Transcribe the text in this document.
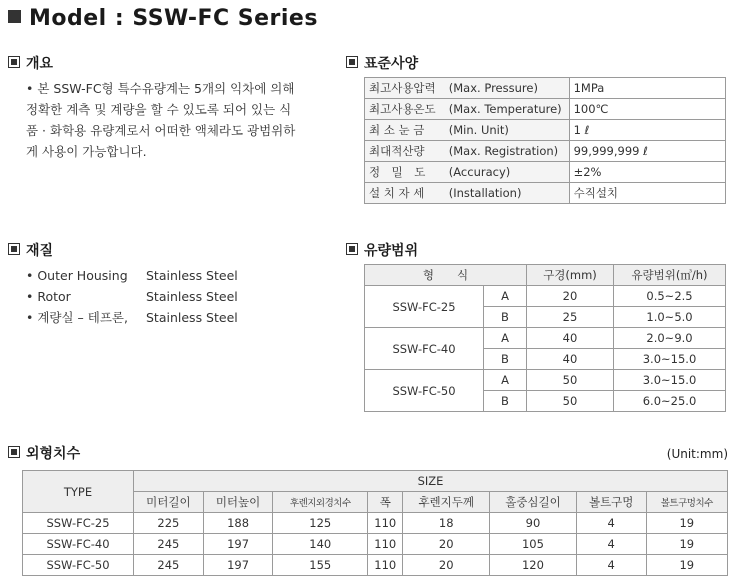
Model : SSW-FC Series
개요
• 본 SSW-FC형 특수유량계는 5개의 익차에 의해
정확한 계측 및 계량을 할 수 있도록 되어 있는 식
품 · 화학용 유량계로서 어떠한 액체라도 광범위하
게 사용이 가능합니다.
표준사양
최고사용압력	(Max. Pressure)	1MPa
최고사용온도	(Max. Temperature)	100℃
최 소 눈 금	(Min. Unit)	1 ℓ
최대적산량	(Max. Registration)	99,999,999 ℓ
정　밀　도	(Accuracy)	±2%
설 치 자 세	(Installation)	수직설치
재질
• Outer Housing	Stainless Steel
• Rotor	Stainless Steel
• 계량실 – 테프론,	Stainless Steel
유량범위
형　　식		구경(mm)	유량범위(㎥/h)
SSW-FC-25	A	20	0.5~2.5
	B	25	1.0~5.0
SSW-FC-40	A	40	2.0~9.0
	B	40	3.0~15.0
SSW-FC-50	A	50	3.0~15.0
	B	50	6.0~25.0
외형치수	(Unit:mm)
TYPE	SIZE							
	미터길이	미터높이	후렌지외경치수	폭	후렌지두께	홀중심길이	볼트구멍	볼트구멍치수
SSW-FC-25	225	188	125	110	18	90	4	19
SSW-FC-40	245	197	140	110	20	105	4	19
SSW-FC-50	245	197	155	110	20	120	4	19
